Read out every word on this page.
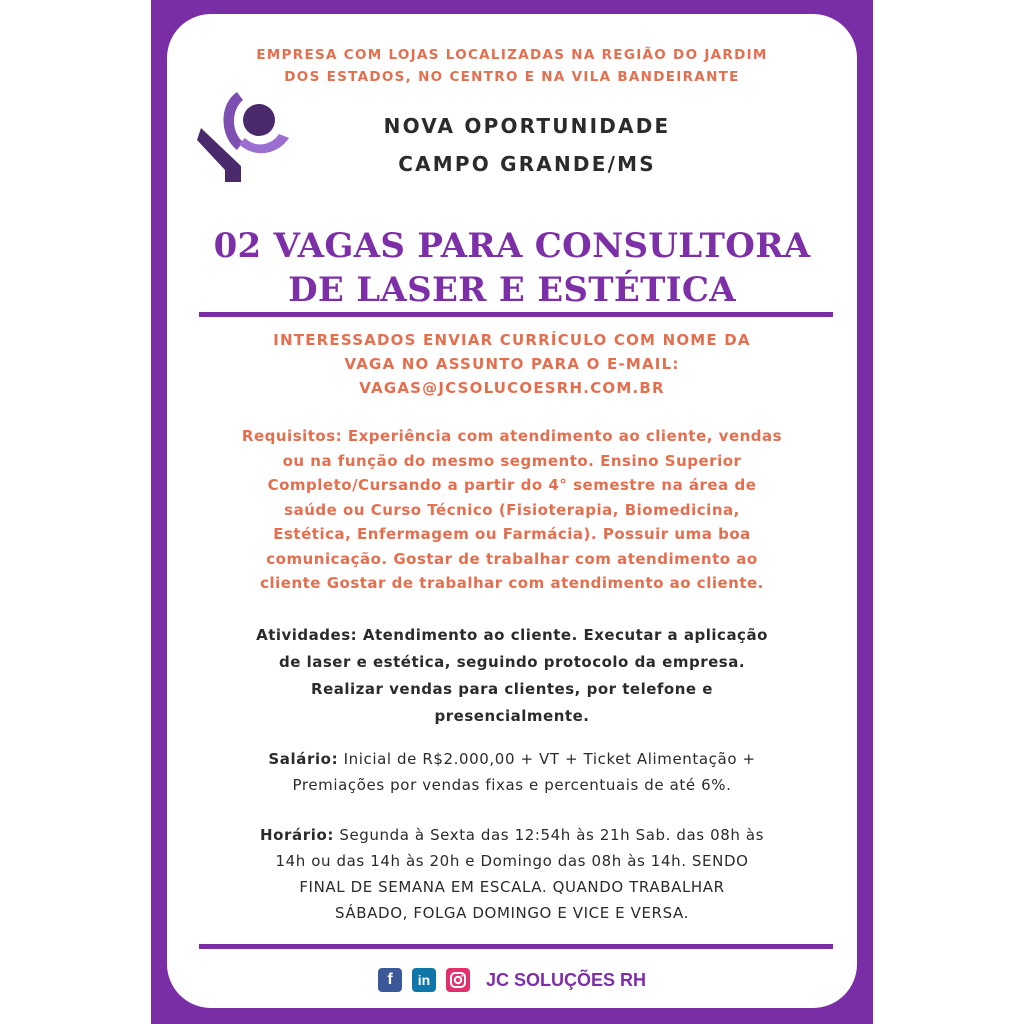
EMPRESA COM LOJAS LOCALIZADAS NA REGIÃO DO JARDIM
DOS ESTADOS, NO CENTRO E NA VILA BANDEIRANTE
NOVA OPORTUNIDADE
CAMPO GRANDE/MS
02 VAGAS PARA CONSULTORA
DE LASER E ESTÉTICA
INTERESSADOS ENVIAR CURRÍCULO COM NOME DA
VAGA NO ASSUNTO PARA O E-MAIL:
VAGAS@JCSOLUCOESRH.COM.BR
Requisitos: Experiência com atendimento ao cliente, vendas
ou na função do mesmo segmento. Ensino Superior
Completo/Cursando a partir do 4° semestre na área de
saúde ou Curso Técnico (Fisioterapia, Biomedicina,
Estética, Enfermagem ou Farmácia). Possuir uma boa
comunicação. Gostar de trabalhar com atendimento ao
cliente Gostar de trabalhar com atendimento ao cliente.
Atividades: Atendimento ao cliente. Executar a aplicação
de laser e estética, seguindo protocolo da empresa.
Realizar vendas para clientes, por telefone e
presencialmente.
Salário: Inicial de R$2.000,00 + VT + Ticket Alimentação +
Premiações por vendas fixas e percentuais de até 6%.
Horário: Segunda à Sexta das 12:54h às 21h Sab. das 08h às
14h ou das 14h às 20h e Domingo das 08h às 14h. SENDO
FINAL DE SEMANA EM ESCALA. QUANDO TRABALHAR
SÁBADO, FOLGA DOMINGO E VICE E VERSA.
f	in	JC SOLUÇÕES RH
